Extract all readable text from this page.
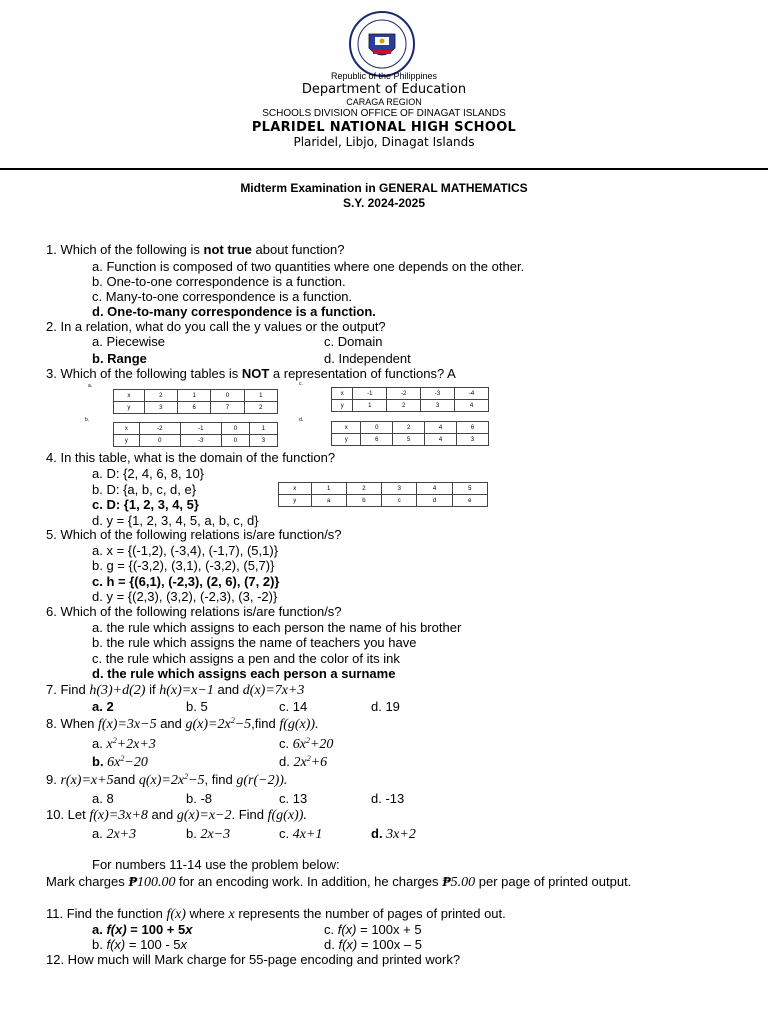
Republic of the Philippines
Department of Education
CARAGA REGION
SCHOOLS DIVISION OFFICE OF DINAGAT ISLANDS
PLARIDEL NATIONAL HIGH SCHOOL
Plaridel, Libjo, Dinagat Islands
Midterm Examination in GENERAL MATHEMATICS
S.Y. 2024-2025
1. Which of the following is not true about function?
a. Function is composed of two quantities where one depends on the other.
b. One-to-one correspondence is a function.
c. Many-to-one correspondence is a function.
d. One-to-many correspondence is a function.
2. In a relation, what do you call the y values or the output?
a. Piecewise	c. Domain
b. Range	d. Independent
3. Which of the following tables is NOT a representation of functions? A
a.
x	2	1	0	1
y	3	6	7	2
c.
x	-1	-2	-3	-4
y	1	2	3	4
b.
x	-2	-1	0	1
y	0	-3	0	3
d.
x	0	2	4	6
y	6	5	4	3
4. In this table, what is the domain of the function?
a. D: {2, 4, 6, 8, 10}
b. D: {a, b, c, d, e}
c. D: {1, 2, 3, 4, 5}
d. y = {1, 2, 3, 4, 5, a, b, c, d}
x	1	2	3	4	5
y	a	b	c	d	e
5. Which of the following relations is/are function/s?
a. x = {(-1,2), (-3,4), (-1,7), (5,1)}
b. g = {(-3,2), (3,1), (-3,2), (5,7)}
c. h = {(6,1), (-2,3), (2, 6), (7, 2)}
d. y = {(2,3), (3,2), (-2,3), (3, -2)}
6. Which of the following relations is/are function/s?
a. the rule which assigns to each person the name of his brother
b. the rule which assigns the name of teachers you have
c. the rule which assigns a pen and the color of its ink
d. the rule which assigns each person a surname
7. Find h(3)+d(2) if h(x)=x−1 and d(x)=7x+3
a. 2	b. 5	c. 14	d. 19
8. When f(x)=3x−5 and $g(x)=2x^2-5,find$ f(g(x)).
a. $x^2+2x+3$	c. $6x^2+20$
b. $6x^2-20$	d. $2x^2+6$
9. r(x)=x+5and $q(x)=2x^2-5$, find g(r(−2)).
a. 8	b. -8	c. 13	d. -13
10. Let f(x)=3x+8 and g(x)=x−2. Find f(g(x)).
a. 2x+3	b. 2x−3	c. 4x+1	d. 3x+2
For numbers 11-14 use the problem below:
Mark charges ₱100.00 for an encoding work. In addition, he charges ₱5.00 per page of printed output.
11. Find the function f(x) where x represents the number of pages of printed out.
a. f(x) = 100 + 5x	c. f(x) = 100x + 5
b. f(x) = 100 - 5x	d. f(x) = 100x – 5
12. How much will Mark charge for 55-page encoding and printed work?
